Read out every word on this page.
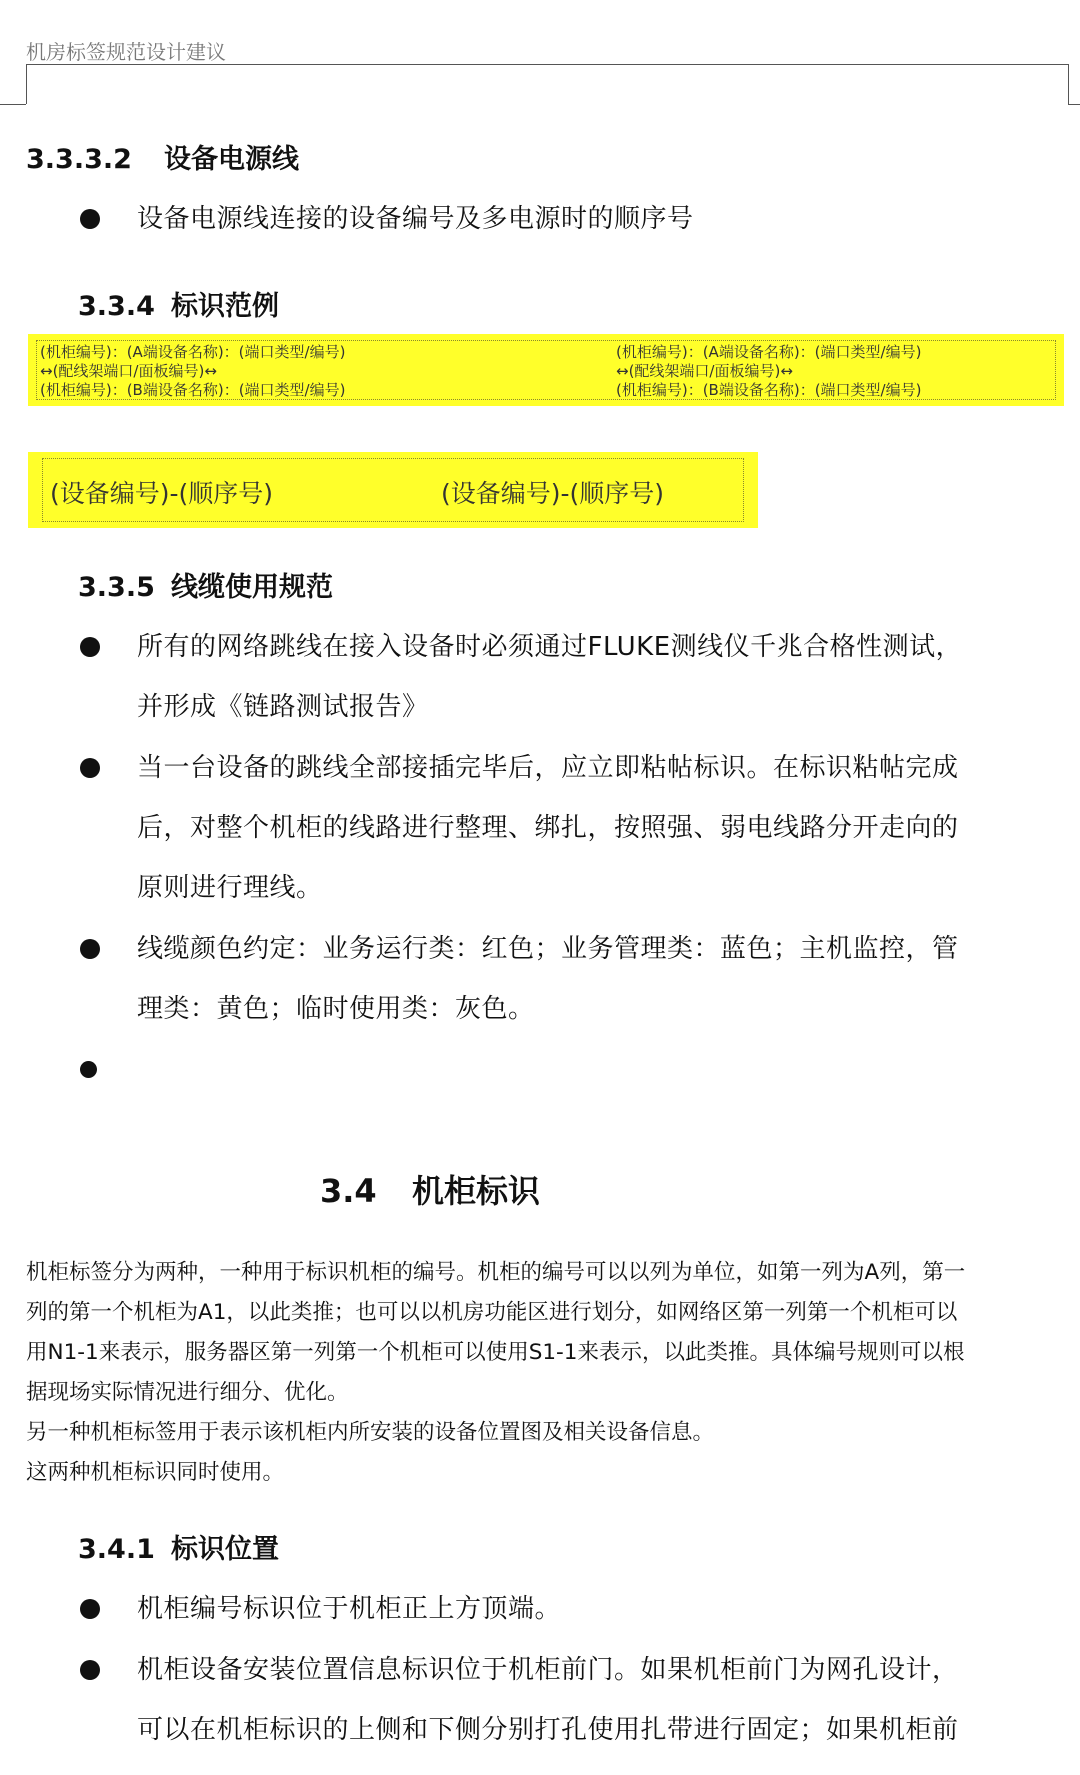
机房标签规范设计建议
3.3.3.2 设备电源线
设备电源线连接的设备编号及多电源时的顺序号
3.3.4 标识范例
(机柜编号)：(A端设备名称)：(端口类型/编号)
↔(配线架端口/面板编号)↔
(机柜编号)：(B端设备名称)：(端口类型/编号)
(机柜编号)：(A端设备名称)：(端口类型/编号)
↔(配线架端口/面板编号)↔
(机柜编号)：(B端设备名称)：(端口类型/编号)
(设备编号)-(顺序号)	(设备编号)-(顺序号)
3.3.5 线缆使用规范
所有的网络跳线在接入设备时必须通过FLUKE测线仪千兆合格性测试，
并形成《链路测试报告》
当一台设备的跳线全部接插完毕后，应立即粘帖标识。在标识粘帖完成
后，对整个机柜的线路进行整理、绑扎，按照强、弱电线路分开走向的
原则进行理线。
线缆颜色约定：业务运行类：红色；业务管理类：蓝色；主机监控，管
理类：黄色；临时使用类：灰色。
3.4 机柜标识
机柜标签分为两种，一种用于标识机柜的编号。机柜的编号可以以列为单位，如第一列为A列，第一
列的第一个机柜为A1，以此类推；也可以以机房功能区进行划分，如网络区第一列第一个机柜可以
用N1-1来表示，服务器区第一列第一个机柜可以使用S1-1来表示，以此类推。具体编号规则可以根
据现场实际情况进行细分、优化。
另一种机柜标签用于表示该机柜内所安装的设备位置图及相关设备信息。
这两种机柜标识同时使用。
3.4.1 标识位置
机柜编号标识位于机柜正上方顶端。
机柜设备安装位置信息标识位于机柜前门。如果机柜前门为网孔设计，
可以在机柜标识的上侧和下侧分别打孔使用扎带进行固定；如果机柜前
